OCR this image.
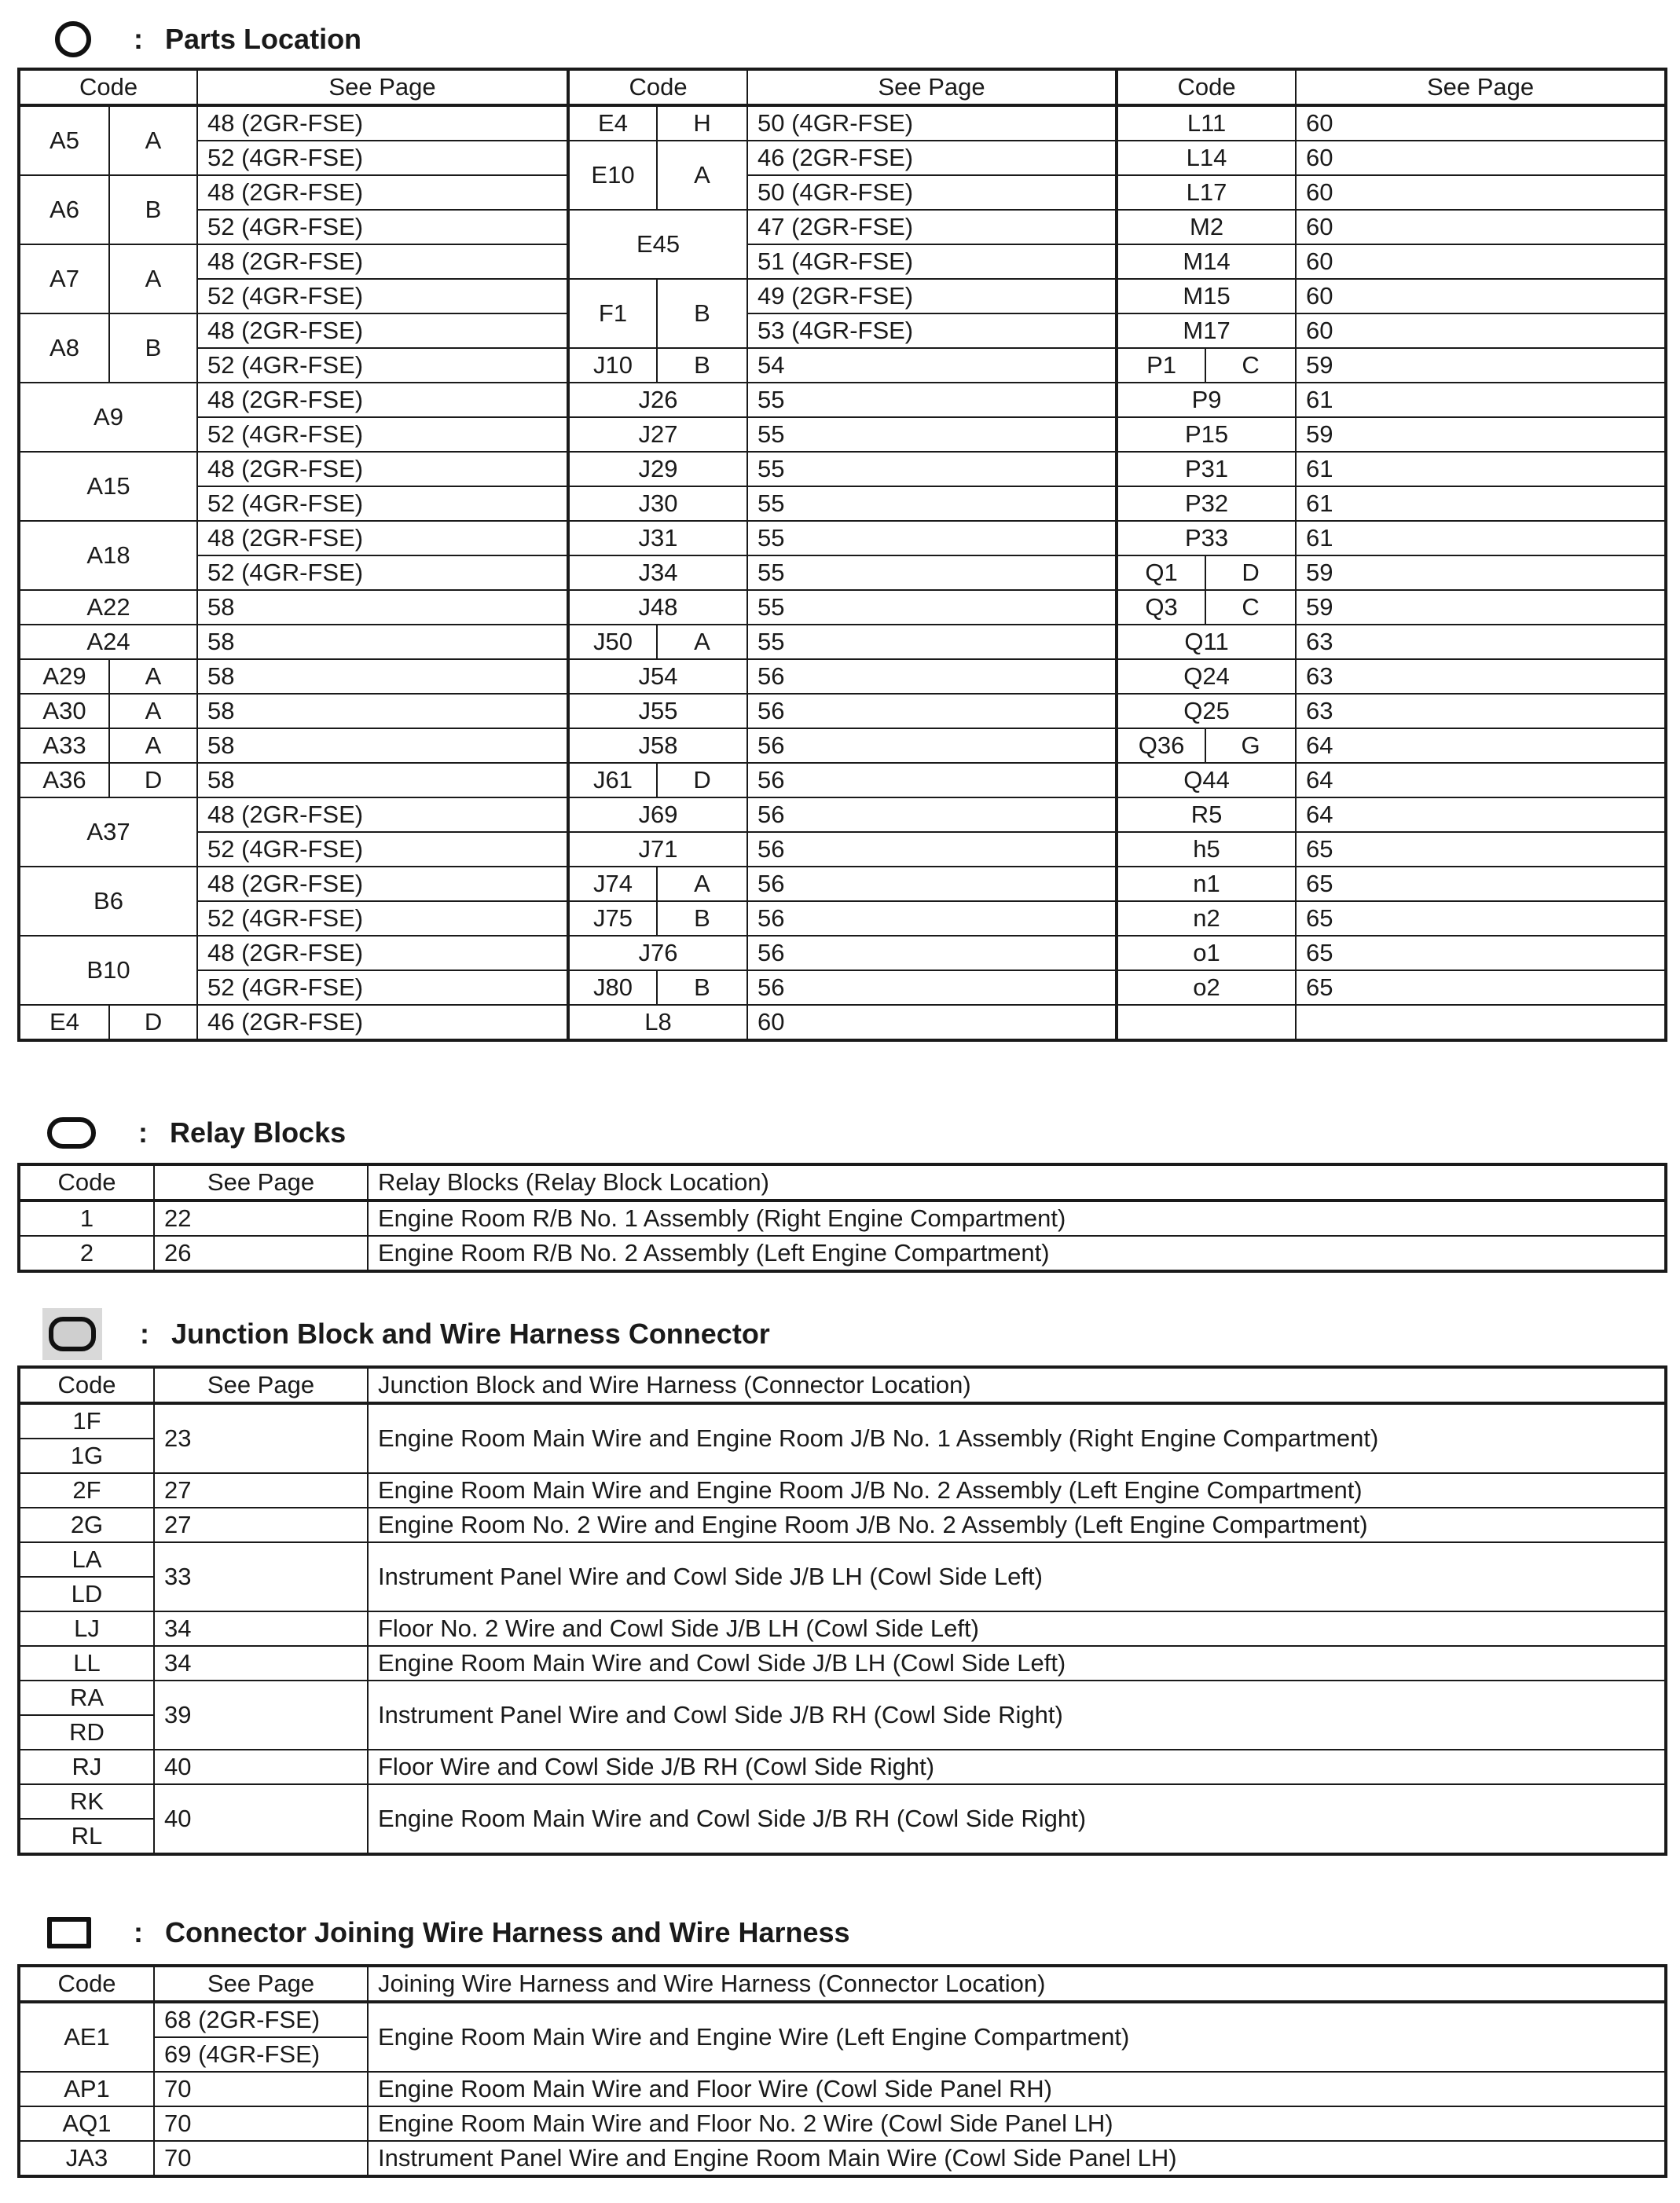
: Parts Location
Code		See Page	Code		See Page	Code		See Page
A5	A	48 (2GR-FSE)	E4	H	50 (4GR-FSE)	L11		60
		52 (4GR-FSE)	E10	A	46 (2GR-FSE)	L14		60
A6	B	48 (2GR-FSE)			50 (4GR-FSE)	L17		60
		52 (4GR-FSE)	E45		47 (2GR-FSE)	M2		60
A7	A	48 (2GR-FSE)			51 (4GR-FSE)	M14		60
		52 (4GR-FSE)	F1	B	49 (2GR-FSE)	M15		60
A8	B	48 (2GR-FSE)			53 (4GR-FSE)	M17		60
		52 (4GR-FSE)	J10	B	54	P1	C	59
A9		48 (2GR-FSE)	J26		55	P9		61
		52 (4GR-FSE)	J27		55	P15		59
A15		48 (2GR-FSE)	J29		55	P31		61
		52 (4GR-FSE)	J30		55	P32		61
A18		48 (2GR-FSE)	J31		55	P33		61
		52 (4GR-FSE)	J34		55	Q1	D	59
A22		58	J48		55	Q3	C	59
A24		58	J50	A	55	Q11		63
A29	A	58	J54		56	Q24		63
A30	A	58	J55		56	Q25		63
A33	A	58	J58		56	Q36	G	64
A36	D	58	J61	D	56	Q44		64
A37		48 (2GR-FSE)	J69		56	R5		64
		52 (4GR-FSE)	J71		56	h5		65
B6		48 (2GR-FSE)	J74	A	56	n1		65
		52 (4GR-FSE)	J75	B	56	n2		65
B10		48 (2GR-FSE)	J76		56	o1		65
		52 (4GR-FSE)	J80	B	56	o2		65
E4	D	46 (2GR-FSE)	L8		60			
: Relay Blocks
Code	See Page	Relay Blocks (Relay Block Location)
1	22	Engine Room R/B No. 1 Assembly (Right Engine Compartment)
2	26	Engine Room R/B No. 2 Assembly (Left Engine Compartment)
: Junction Block and Wire Harness Connector
Code	See Page	Junction Block and Wire Harness (Connector Location)
1F	23	Engine Room Main Wire and Engine Room J/B No. 1 Assembly (Right Engine Compartment)
1G		
2F	27	Engine Room Main Wire and Engine Room J/B No. 2 Assembly (Left Engine Compartment)
2G	27	Engine Room No. 2 Wire and Engine Room J/B No. 2 Assembly (Left Engine Compartment)
LA	33	Instrument Panel Wire and Cowl Side J/B LH (Cowl Side Left)
LD		
LJ	34	Floor No. 2 Wire and Cowl Side J/B LH (Cowl Side Left)
LL	34	Engine Room Main Wire and Cowl Side J/B LH (Cowl Side Left)
RA	39	Instrument Panel Wire and Cowl Side J/B RH (Cowl Side Right)
RD		
RJ	40	Floor Wire and Cowl Side J/B RH (Cowl Side Right)
RK	40	Engine Room Main Wire and Cowl Side J/B RH (Cowl Side Right)
RL		
: Connector Joining Wire Harness and Wire Harness
Code	See Page	Joining Wire Harness and Wire Harness (Connector Location)
AE1	68 (2GR-FSE)	Engine Room Main Wire and Engine Wire (Left Engine Compartment)
	69 (4GR-FSE)	
AP1	70	Engine Room Main Wire and Floor Wire (Cowl Side Panel RH)
AQ1	70	Engine Room Main Wire and Floor No. 2 Wire (Cowl Side Panel LH)
JA3	70	Instrument Panel Wire and Engine Room Main Wire (Cowl Side Panel LH)
